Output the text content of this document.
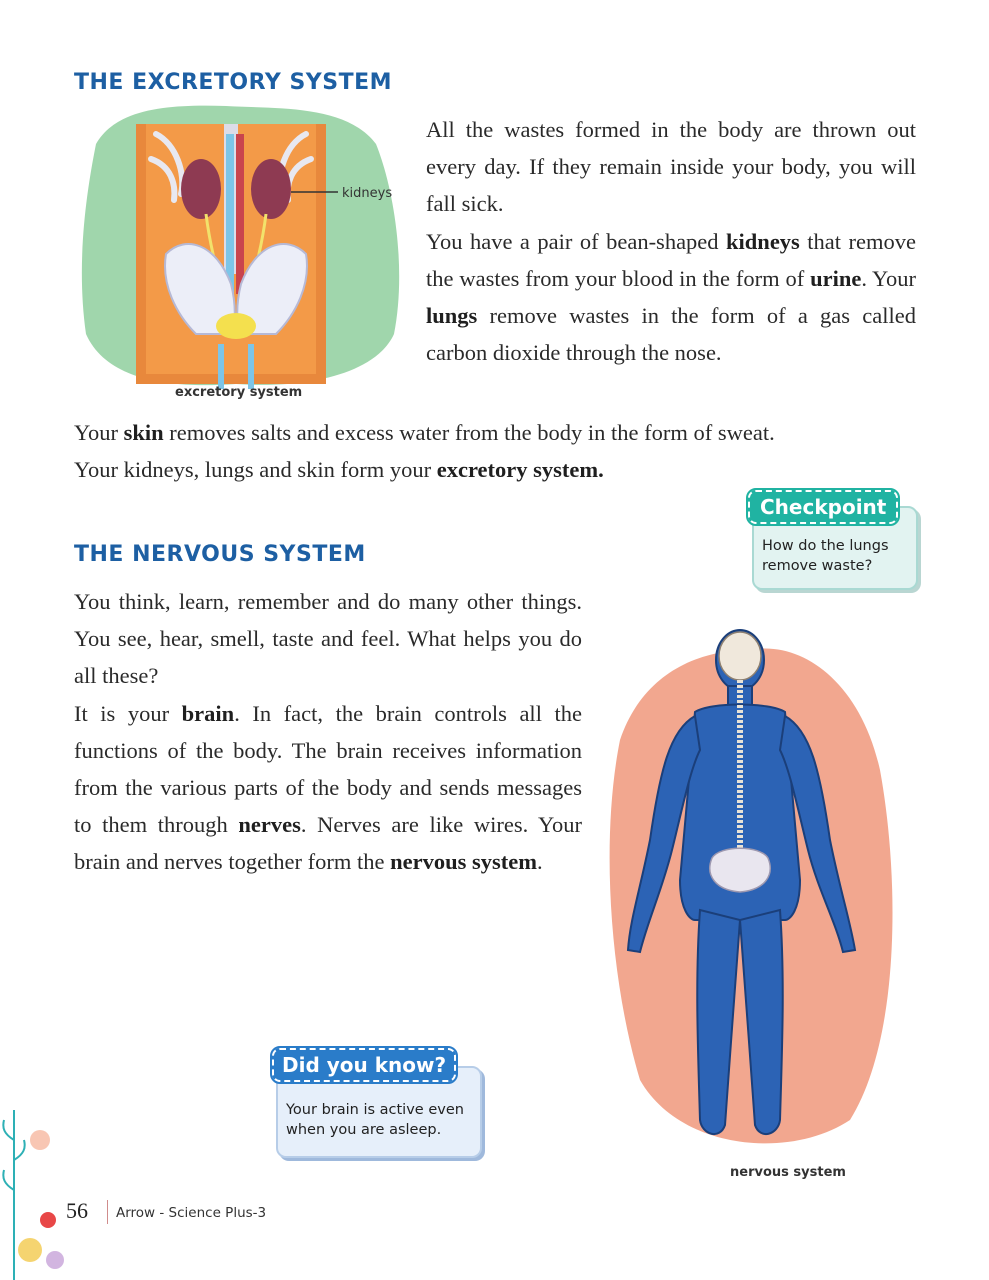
THE EXCRETORY SYSTEM
kidneys
excretory system
All the wastes formed in the body are thrown out every day. If they remain inside your body, you will fall sick.
You have a pair of bean-shaped kidneys that remove the wastes from your blood in the form of urine. Your lungs remove wastes in the form of a gas called carbon dioxide through the nose.
Your skin removes salts and excess water from the body in the form of sweat.
Your kidneys, lungs and skin form your excretory system.
Checkpoint
How do the lungs remove waste?
THE NERVOUS SYSTEM
You think, learn, remember and do many other things. You see, hear, smell, taste and feel. What helps you do all these?
It is your brain. In fact, the brain controls all the functions of the body. The brain receives information from the various parts of the body and sends messages to them through nerves. Nerves are like wires. Your brain and nerves together form the nervous system.
nervous system
Did you know?
Your brain is active even when you are asleep.
56 Arrow - Science Plus-3
